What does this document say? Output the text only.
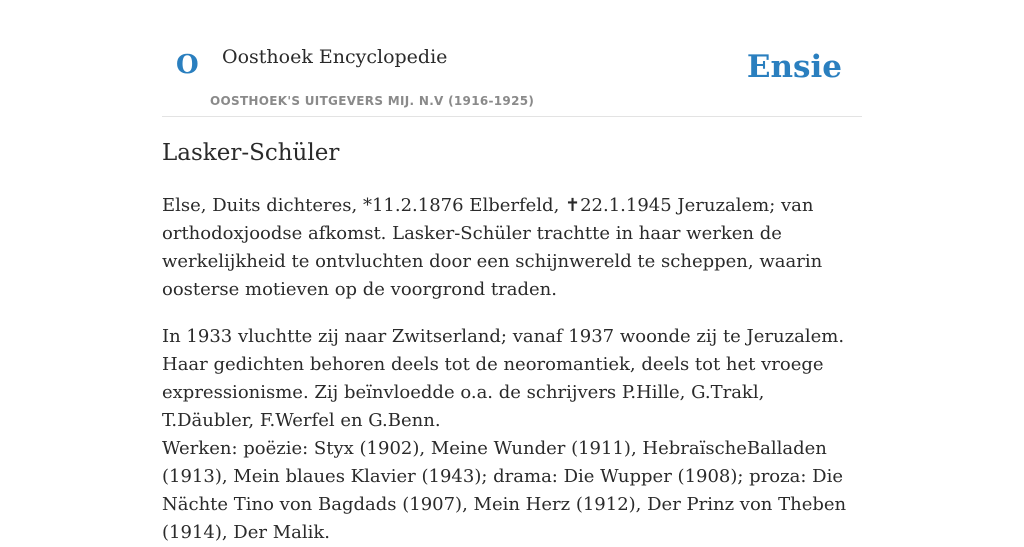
O Oosthoek Encyclopedie
OOSTHOEK'S UITGEVERS MIJ. N.V (1916-1925)
Ensie
Lasker-Schüler

Else, Duits dichteres, *11.2.1876 Elberfeld, ✝22.1.1945 Jeruzalem; van orthodoxjoodse afkomst. Lasker-Schüler trachtte in haar werken de werkelijkheid te ontvluchten door een schijnwereld te scheppen, waarin oosterse motieven op de voorgrond traden.

In 1933 vluchtte zij naar Zwitserland; vanaf 1937 woonde zij te Jeruzalem. Haar gedichten behoren deels tot de neoromantiek, deels tot het vroege expressionisme. Zij beïnvloedde o.a. de schrijvers P.Hille, G.Trakl, T.Däubler, F.Werfel en G.Benn.

Werken: poëzie: Styx (1902), Meine Wunder (1911), HebraïscheBalladen (1913), Mein blaues Klavier (1943); drama: Die Wupper (1908); proza: Die Nächte Tino von Bagdads (1907), Mein Herz (1912), Der Prinz von Theben (1914), Der Malik.
